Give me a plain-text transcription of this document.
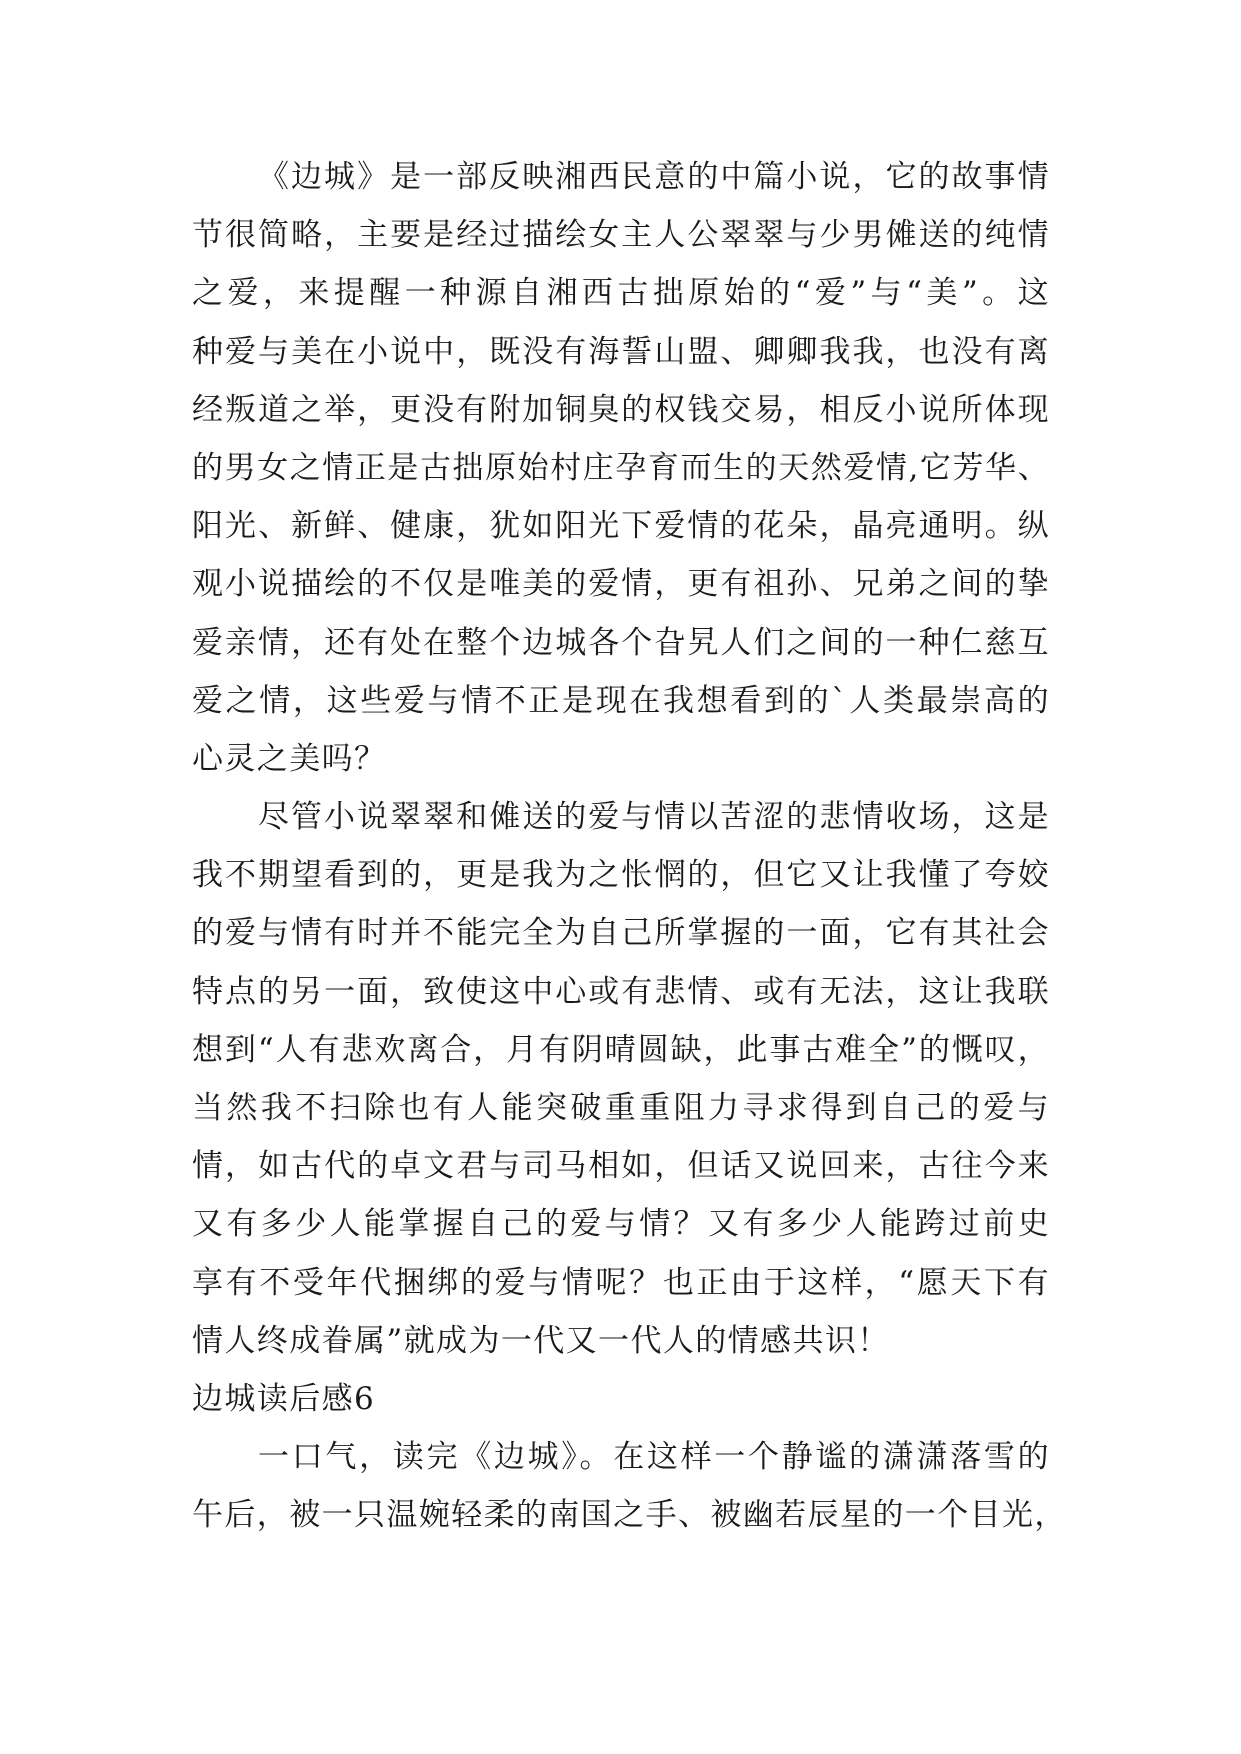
《边城》是一部反映湘西民意的中篇小说，它的故事情
节很简略，主要是经过描绘女主人公翠翠与少男傩送的纯情
之爱，来提醒一种源自湘西古拙原始的“爱”与“美”。这
种爱与美在小说中，既没有海誓山盟、卿卿我我，也没有离
经叛道之举，更没有附加铜臭的权钱交易，相反小说所体现
的男女之情正是古拙原始村庄孕育而生的天然爱情,它芳华、
阳光、新鲜、健康，犹如阳光下爱情的花朵，晶亮通明。纵
观小说描绘的不仅是唯美的爱情，更有祖孙、兄弟之间的挚
爱亲情，还有处在整个边城各个旮旯人们之间的一种仁慈互
爱之情，这些爱与情不正是现在我想看到的`人类最崇高的
心灵之美吗？
尽管小说翠翠和傩送的爱与情以苦涩的悲情收场，这是
我不期望看到的，更是我为之怅惘的，但它又让我懂了夸姣
的爱与情有时并不能完全为自己所掌握的一面，它有其社会
特点的另一面，致使这中心或有悲情、或有无法，这让我联
想到“人有悲欢离合，月有阴晴圆缺，此事古难全”的慨叹，
当然我不扫除也有人能突破重重阻力寻求得到自己的爱与
情，如古代的卓文君与司马相如，但话又说回来，古往今来
又有多少人能掌握自己的爱与情？又有多少人能跨过前史
享有不受年代捆绑的爱与情呢？也正由于这样，“愿天下有
情人终成眷属”就成为一代又一代人的情感共识！
边城读后感6
一口气，读完《边城》。在这样一个静谧的潇潇落雪的
午后，被一只温婉轻柔的南国之手、被幽若辰星的一个目光，
